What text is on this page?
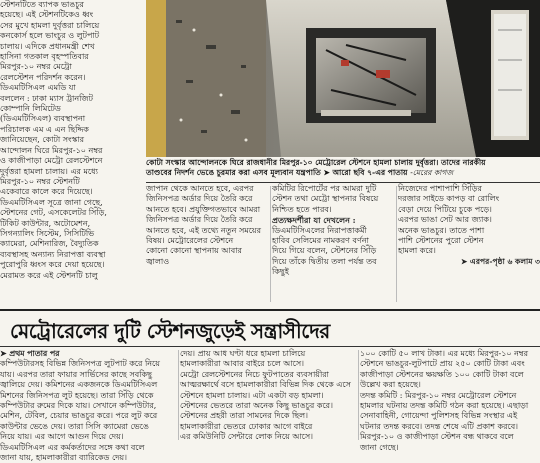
স্টেশনটিতে ব্যাপক ভাঙচুর
হয়েছে। এই স্টেশনটিকেও ধ্বং
সের মুখে হামলা দুর্বৃত্তরা চালিয়ে
কনকোর্স হলে ভাংচুর ও লুটপাট
চালায়। এদিকে প্রধানমন্ত্রী শেখ
হাসিনা গতকাল বৃহস্পতিবার
মিরপুর-১০ নম্বর মেট্রো
রেলস্টেশন পরিদর্শন করেন।
ডিএমটিসিএল এমডি যা
বললেন : ঢাকা ম্যাস ট্রানজিট
কোম্পানি লিমিটেড
(ডিএমটিসিএল) ব্যবস্থাপনা
পরিচালক এম এ এন ছিদ্দিক
জানিয়েছেন, কোটা সংস্কার
আন্দোলন ঘিরে মিরপুর-১০ নম্বর
ও কাজীপাড়া মেট্রো রেলস্টেশনে
দুর্বৃত্তরা হামলা চালায়। এর মধ্যে
মিরপুর-১০ নম্বর স্টেশনটি
একেবারে কালে করে দিয়েছে।
ডিএমটিসিএল সূত্রে জানা গেছে,
স্টেশনের গেট, এসকেলেটর সিঁড়ি,
টিকিট কাউন্টার, অটোমেশন,
সিগন্যালিং সিস্টেম, সিসিটিভি
ক্যামেরা, মেশিনারিজ, বৈদ্যুতিক
ব্যবস্থাসহ অন্যান্য নিরাপত্তা ব্যবস্থা
পুরোপুরি ধ্বংস করে দেয়া হয়েছে।
মেরামত করে এই স্টেশনটি চালু
কোটা সংস্কার আন্দোলনকে ঘিরে রাজধানীর মিরপুর-১০ মেট্রোরেল স্টেশনে হামলা চালায় দুর্বৃত্তরা। তাদের নারকীয়
তাণ্ডবের নিদর্শন ভেঙে চুরমার করা এসব মূল্যবান যন্ত্রপাতি ➤ আরো ছবি ৭-এর পাতায় -মেরের কাগজ
জাপান থেকে আনতে হবে, এরপর
জিনিসপত্র অর্ডার দিয়ে তৈরি করে
আনতে হবে। প্রযুক্তিগতভাবে আমরা
জিনিসপত্র অর্ডার দিয়ে তৈরি করে
আনতে হবে, এই তথ্যে নতুন সময়ের
বিষয়। মেট্রোরেলের স্টেশনে
কোনো কোনো স্থাপনায় আবার
জ্বালাও
কমিটির রিপোর্টের পর আমরা দুটি
স্টেশন তথা মেট্রো স্থাপনার বিষয়ে
নিশ্চিত হতে পারব।
প্রত্যক্ষদর্শীরা যা দেখলেন :
ডিএমটিসিএলের নিরাপত্তাকর্মী
হাবিব সেলিমের নামকরণ বর্ণনা
দিয়ে গিয়ে বলেন, স্টেশনের সিঁড়ি
দিয়ে তাঁকে দ্বিতীয় তলা পর্যন্ত তব কিছুই
নিজেদের পাশাপাশি সিঁড়ির
দরজার সাইডে কাপড় বা রোলিং
বেড়া দেয়ে পিটিয়ে চুকে পড়ে।
এরপর ভাঙা সেট আর জ্যাক।
অনেক ভাঙচুর। তাতে পাশা
পাশি স্টেশনের পুরো স্টেশন
হামলা করে।
➤ এরপর-পৃষ্ঠা ৬ কলাম ৩
মেট্রোরেলের দুটি স্টেশনজুড়েই সন্ত্রাসীদের
➤ প্রথম পাতার পর
কম্পিউটারসহ বিভিন্ন জিনিসপত্র লুটপাট করে নিয়ে
যায়। এরপর তারা ফায়ার সার্ভিসের কাছে সবকিছু
জ্বালিয়ে দেয়। কমিশনের একজনকে ডিএমটিসিএল
মিশনের জিনিসপত্র লুট হয়েছে। তারা সিঁড়ি থেকে
কম্পিউটার রুমের দিকে যায়। সেখানে কম্পিউটার,
মেশিন, টেবিল, চেয়ার ভাঙচুর করে। পরে লুট করে
কাউন্টার ভেঙে দেয়। তারা সিসি ক্যামেরা ভেঙে
নিয়ে যায়। এর আগে আগুন দিয়ে দেয়।
ডিএমটিসিএল এর কর্মকর্তাদের সঙ্গে কথা বলে
জানা যায়, হামলাকারীরা ব্যারিকেড দেয়।
দেয়। প্রায় আধ ঘণ্টা ধরে হামলা চালিয়ে
হামলাকারীরা আবার বাইরে চলে আসে।
মেট্রো রেলস্টেশনের নিচে ফুটপাতের ব্যবসায়ীরা
আত্মরক্ষার্থে বসে হামলাকারীরা বিভিন্ন দিক থেকে এসে
স্টেশনে হামলা চালায়। এটা একটা বড় হামলা।
স্টেশনের ভেতরে তারা অনেক কিছু ভাঙচুর করে।
স্টেশনের প্রহরী তারা সামনের দিকে ছিল।
হামলাকারীরা ভেতরে ঢোকার আগে বাইরে
এর কমিউনিটি সেন্টারে লোক নিয়ে আসে।
১০০ কোটি ৫০ লাখ টাকা। এর মধ্যে মিরপুর-১০ নম্বর
স্টেশনে ভাঙচুর-লুটপাটে প্রায় ২৫০ কোটি টাকা এবং
কাজীপাড়া স্টেশনের ক্ষয়ক্ষতি ১০০ কোটি টাকা বলে
উল্লেখ করা হয়েছে।
তদন্ত কমিটি : মিরপুর-১০ নম্বর মেট্রোরেল স্টেশনে
হামলার ঘটনায় তদন্ত কমিটি গঠন করা হয়েছে। এছাড়া
সেনাবাহিনী, গোয়েন্দা পুলিশসহ বিভিন্ন সংস্থার এই
ঘটনার তদন্ত করবে। তদন্ত শেষে এটি প্রকাশ করবে।
মিরপুর-১০ ও কাজীপাড়া স্টেশন বন্ধ থাকবে বলে
জানা গেছে।
